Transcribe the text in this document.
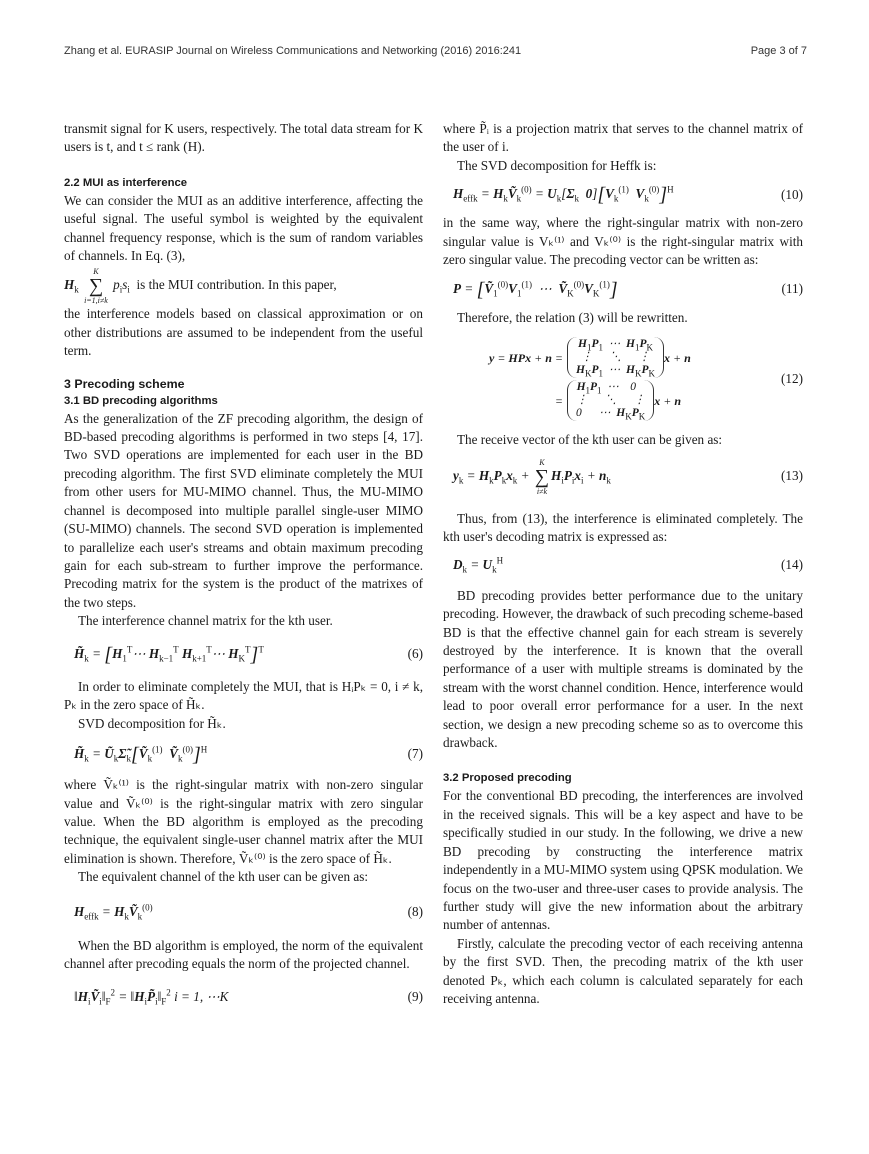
Zhang et al. EURASIP Journal on Wireless Communications and Networking (2016) 2016:241	Page 3 of 7

transmit signal for K users, respectively. The total data stream for K users is t, and t ≤ rank (H).

2.2 MUI as interference

We can consider the MUI as an additive interference, affecting the useful signal. The useful symbol is weighted by the equivalent channel frequency response, which is the sum of random variables of channels. In Eq. (3),

$H_k$
K
∑
i=1,i≠k
$p_is_i$ is the MUI contribution. In this paper,

the interference models based on classical approximation or on other distributions are assumed to be independent from the useful term.

3 Precoding scheme
3.1 BD precoding algorithms

As the generalization of the ZF precoding algorithm, the design of BD-based precoding algorithms is performed in two steps [4, 17]. Two SVD operations are implemented for each user in the BD precoding algorithm. The first SVD eliminate completely the MUI from other users for MU-MIMO channel. Thus, the MU-MIMO channel is decomposed into multiple parallel single-user MIMO (SU-MIMO) channels. The second SVD operation is implemented to parallelize each user's streams and obtain maximum precoding gain for each sub-stream to further improve the performance. Precoding matrix for the system is the product of the matrixes of the two steps.

The interference channel matrix for the kth user.

$H̃_k$ = [$H_1^T\cdots$ $H_{k-1}^T$ $H_{k+1}^T\cdots$ $H_K^T]^T$	(6)

In order to eliminate completely the MUI, that is HᵢPₖ = 0, i ≠ k, Pₖ in the zero space of H̃ₖ.

SVD decomposition for H̃ₖ.

$H̃_k$ = $Ũ_k\Sigmã_k[Ṽ_k^{(1)}$ Ṽ$_k^{(0)}$]$^H$	(7)

where Ṽₖ⁽¹⁾ is the right-singular matrix with non-zero singular value and Ṽₖ⁽⁰⁾ is the right-singular matrix with zero singular value. When the BD algorithm is employed as the precoding technique, the equivalent single-user channel matrix after the MUI elimination is shown. Therefore, Ṽₖ⁽⁰⁾ is the zero space of H̃ₖ.

The equivalent channel of the kth user can be given as:

$H_{effk}$ = $H_kṼ_k^{(0)}$	(8)

When the BD algorithm is employed, the norm of the equivalent channel after precoding equals the norm of the projected channel.

$‖H_iṼ_i‖_F^2$ = $‖H_iP̃_i‖_F^2$ i = 1, ⋯K	(9)

where P̃ᵢ is a projection matrix that serves to the channel matrix of the user of i.

The SVD decomposition for Heffk is:

$H_{effk}$ = $H_kṼ_k^{(0)} = U_k[\Sigma_k$ $0][V_k^{(1)}$ $V_k^{(0)}]^H$	(10)

in the same way, where the right-singular matrix with non-zero singular value is Vₖ⁽¹⁾ and Vₖ⁽⁰⁾ is the right-singular matrix with zero singular value. The precoding vector can be written as:

$P = [Ṽ_1^{(0)}V_1^{(1)}$  ⋯  $Ṽ_K^{(0)}V_K^{(1)}$]	(11)

Therefore, the relation (3) will be rewritten.

y = HPx + n =
$H_1P_1$  ⋯  $H_1P_K$
⋮      ⋱      ⋮
$H_KP_1$  ⋯  $H_KP_K$
x + n
=
$H_1P_1$  ⋯    0
⋮      ⋱      ⋮
0      ⋯  $H_KP_K$
x + n
(12)

The receive vector of the kth user can be given as:

$y_k = H_kP_kx_k$ +
K
∑
i≠k
$H_iP_ix_i + n_k$	(13)

Thus, from (13), the interference is eliminated completely. The kth user's decoding matrix is expressed as:

$D_k = U_k^H$	(14)

BD precoding provides better performance due to the unitary precoding. However, the drawback of such precoding scheme-based BD is that the effective channel gain for each stream is severely destroyed by the interference. It is known that the overall performance of a user with multiple streams is dominated by the stream with the worst channel condition. Hence, interference would lead to poor overall error performance for a user. In the next section, we design a new precoding scheme so as to overcome this drawback.

3.2 Proposed precoding

For the conventional BD precoding, the interferences are involved in the received signals. This will be a key aspect and have to be specifically studied in our study. In the following, we drive a new BD precoding by constructing the interference matrix independently in a MU-MIMO system using QPSK modulation. We focus on the two-user and three-user cases to provide analysis. The further study will give the new information about the arbitrary number of antennas.

Firstly, calculate the precoding vector of each receiving antenna by the first SVD. Then, the precoding matrix of the kth user denoted Pₖ, which each column is calculated separately for each receiving antenna.
